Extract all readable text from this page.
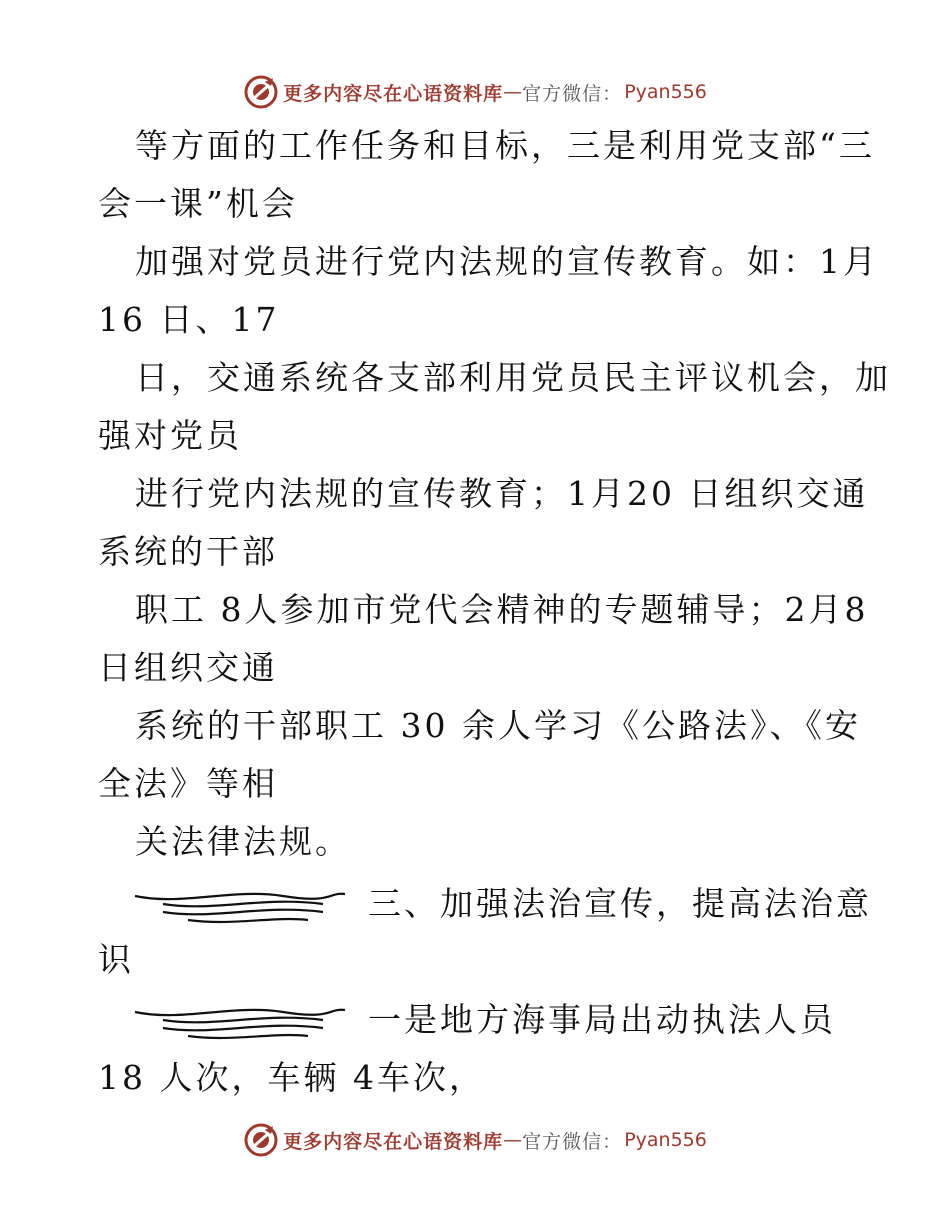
更多内容尽在心语资料库 — 官方微信： Pyan556
等方面的工作任务和目标，三是利用党支部“三
会一课”机会
加强对党员进行党内法规的宣传教育。如：1月
16 日、17
日，交通系统各支部利用党员民主评议机会，加
强对党员
进行党内法规的宣传教育；1月20 日组织交通
系统的干部
职工 8人参加市党代会精神的专题辅导；2月8
日组织交通
系统的干部职工 30 余人学习《公路法》、《安
全法》等相
关法律法规。
三、加强法治宣传，提高法治意
识
一是地方海事局出动执法人员
18 人次，车辆 4车次，
更多内容尽在心语资料库 — 官方微信： Pyan556
